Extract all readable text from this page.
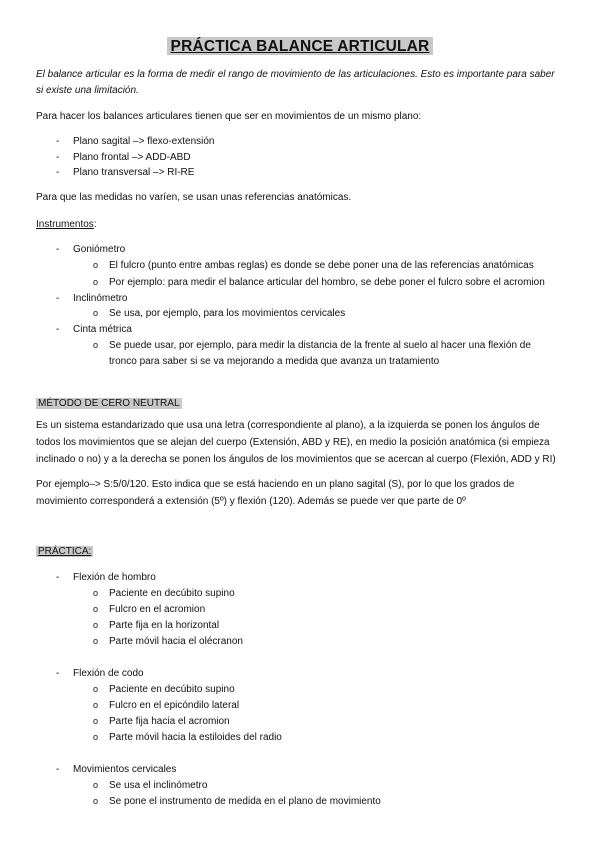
PRÁCTICA BALANCE ARTICULAR
El balance articular es la forma de medir el rango de movimiento de las articulaciones. Esto es importante para saber
si existe una limitación.
Para hacer los balances articulares tienen que ser en movimientos de un mismo plano:
- Plano sagital –> flexo-extensión
- Plano frontal –> ADD-ABD
- Plano transversal –> RI-RE
Para que las medidas no varíen, se usan unas referencias anatómicas.
Instrumentos:
- Goniómetro
o El fulcro (punto entre ambas reglas) es donde se debe poner una de las referencias anatómicas
o Por ejemplo: para medir el balance articular del hombro, se debe poner el fulcro sobre el acromion
- Inclinómetro
o Se usa, por ejemplo, para los movimientos cervicales
- Cinta métrica
o Se puede usar, por ejemplo, para medir la distancia de la frente al suelo al hacer una flexión de
tronco para saber si se va mejorando a medida que avanza un tratamiento
MÉTODO DE CERO NEUTRAL
Es un sistema estandarizado que usa una letra (correspondiente al plano), a la izquierda se ponen los ángulos de
todos los movimientos que se alejan del cuerpo (Extensión, ABD y RE), en medio la posición anatómica (si empieza
inclinado o no) y a la derecha se ponen los ángulos de los movimientos que se acercan al cuerpo (Flexión, ADD y RI)
Por ejemplo–> S:5/0/120. Esto indica que se está haciendo en un plano sagital (S), por lo que los grados de
movimiento corresponderá a extensión (5º) y flexión (120). Además se puede ver que parte de 0º
PRÁCTICA:
- Flexión de hombro
o Paciente en decúbito supino
o Fulcro en el acromion
o Parte fija en la horizontal
o Parte móvil hacia el olécranon
- Flexión de codo
o Paciente en decúbito supino
o Fulcro en el epicóndilo lateral
o Parte fija hacia el acromion
o Parte móvil hacia la estiloides del radio
- Movimientos cervicales
o Se usa el inclinómetro
o Se pone el instrumento de medida en el plano de movimiento
